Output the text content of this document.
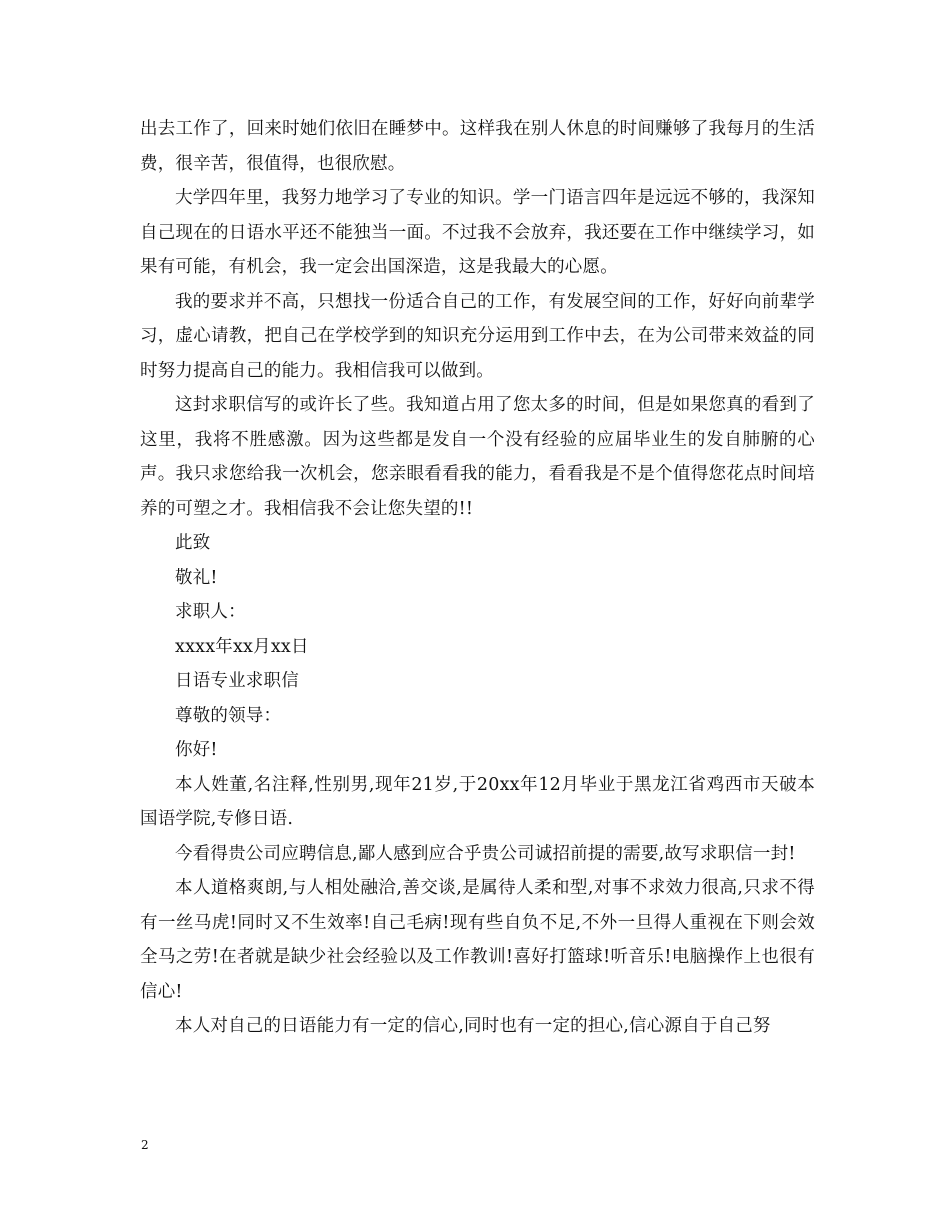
出去工作了，回来时她们依旧在睡梦中。这样我在别人休息的时间赚够了我每月的生活费，很辛苦，很值得，也很欣慰。

大学四年里，我努力地学习了专业的知识。学一门语言四年是远远不够的，我深知自己现在的日语水平还不能独当一面。不过我不会放弃，我还要在工作中继续学习，如果有可能，有机会，我一定会出国深造，这是我最大的心愿。

我的要求并不高，只想找一份适合自己的工作，有发展空间的工作，好好向前辈学习，虚心请教，把自己在学校学到的知识充分运用到工作中去，在为公司带来效益的同时努力提高自己的能力。我相信我可以做到。

这封求职信写的或许长了些。我知道占用了您太多的时间，但是如果您真的看到了这里，我将不胜感激。因为这些都是发自一个没有经验的应届毕业生的发自肺腑的心声。我只求您给我一次机会，您亲眼看看我的能力，看看我是不是个值得您花点时间培养的可塑之才。我相信我不会让您失望的!!

此致

敬礼!

求职人：

xxxx年xx月xx日

日语专业求职信

尊敬的领导：

你好!

本人姓董,名注释,性别男,现年21岁,于20xx年12月毕业于黑龙江省鸡西市天破本国语学院,专修日语.

今看得贵公司应聘信息,鄙人感到应合乎贵公司诚招前提的需要,故写求职信一封!

本人道格爽朗,与人相处融洽,善交谈,是属待人柔和型,对事不求效力很高,只求不得有一丝马虎!同时又不生效率!自己毛病!现有些自负不足,不外一旦得人重视在下则会效全马之劳!在者就是缺少社会经验以及工作教训!喜好打篮球!听音乐!电脑操作上也很有信心!

本人对自己的日语能力有一定的信心,同时也有一定的担心,信心源自于自己努

2
